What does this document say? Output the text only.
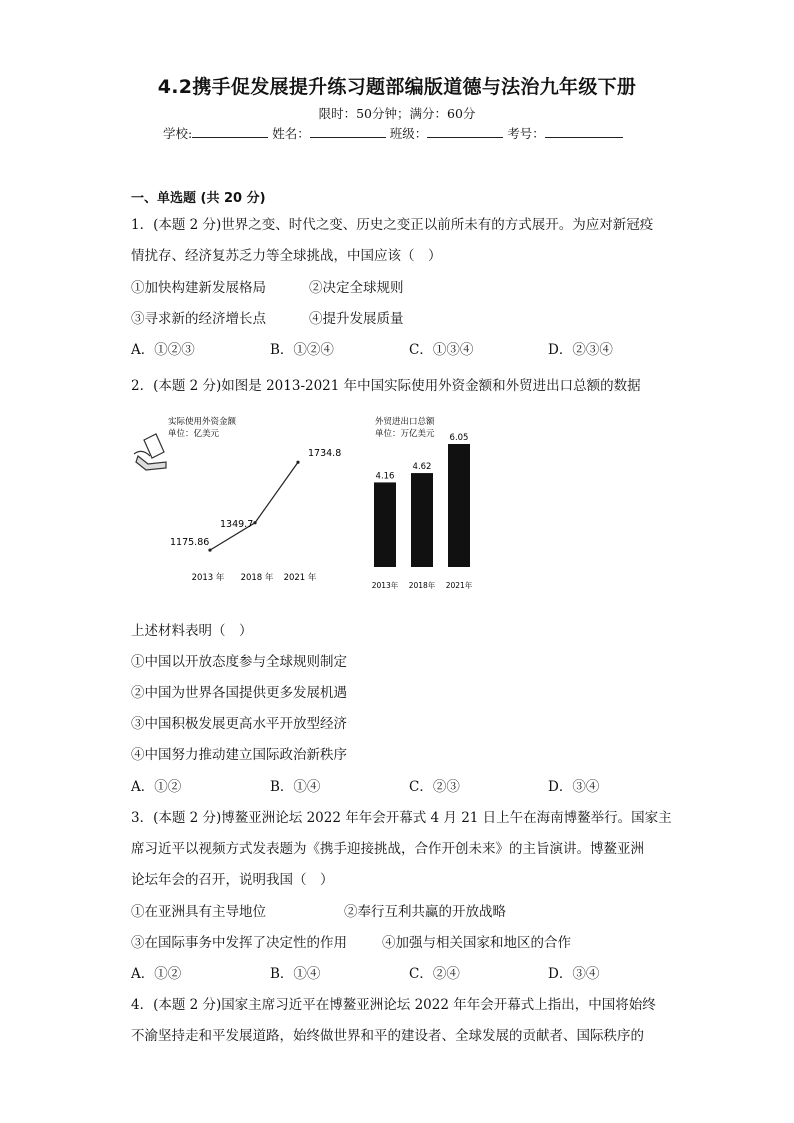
4.2携手促发展提升练习题部编版道德与法治九年级下册
限时：50分钟；满分：60分
学校:	姓名：	班级：	考号：
一、单选题 (共 20 分)
1．(本题 2 分)世界之变、时代之变、历史之变正以前所未有的方式展开。为应对新冠疫
情扰存、经济复苏乏力等全球挑战，中国应该（　）
①加快构建新发展格局	②决定全球规则
③寻求新的经济增长点	④提升发展质量
A．①②③	B．①②④	C．①③④	D．②③④
2．(本题 2 分)如图是 2013-2021 年中国实际使用外资金额和外贸进出口总额的数据
实际使用外资金额
单位：亿美元
1175.86
1349.7
1734.8
2013 年 2018 年 2021 年
外贸进出口总额
单位：万亿美元
4.16
2013年
4.62
2018年
6.05
2021年
上述材料表明（　）
①中国以开放态度参与全球规则制定
②中国为世界各国提供更多发展机遇
③中国积极发展更高水平开放型经济
④中国努力推动建立国际政治新秩序
A．①②	B．①④	C．②③	D．③④
3．(本题 2 分)博鳌亚洲论坛 2022 年年会开幕式 4 月 21 日上午在海南博鳌举行。国家主
席习近平以视频方式发表题为《携手迎接挑战，合作开创未来》的主旨演讲。博鳌亚洲
论坛年会的召开，说明我国（　）
①在亚洲具有主导地位	②奉行互利共赢的开放战略
③在国际事务中发挥了决定性的作用	④加强与相关国家和地区的合作
A．①②	B．①④	C．②④	D．③④
4．(本题 2 分)国家主席习近平在博鳌亚洲论坛 2022 年年会开幕式上指出，中国将始终
不渝坚持走和平发展道路，始终做世界和平的建设者、全球发展的贡献者、国际秩序的
